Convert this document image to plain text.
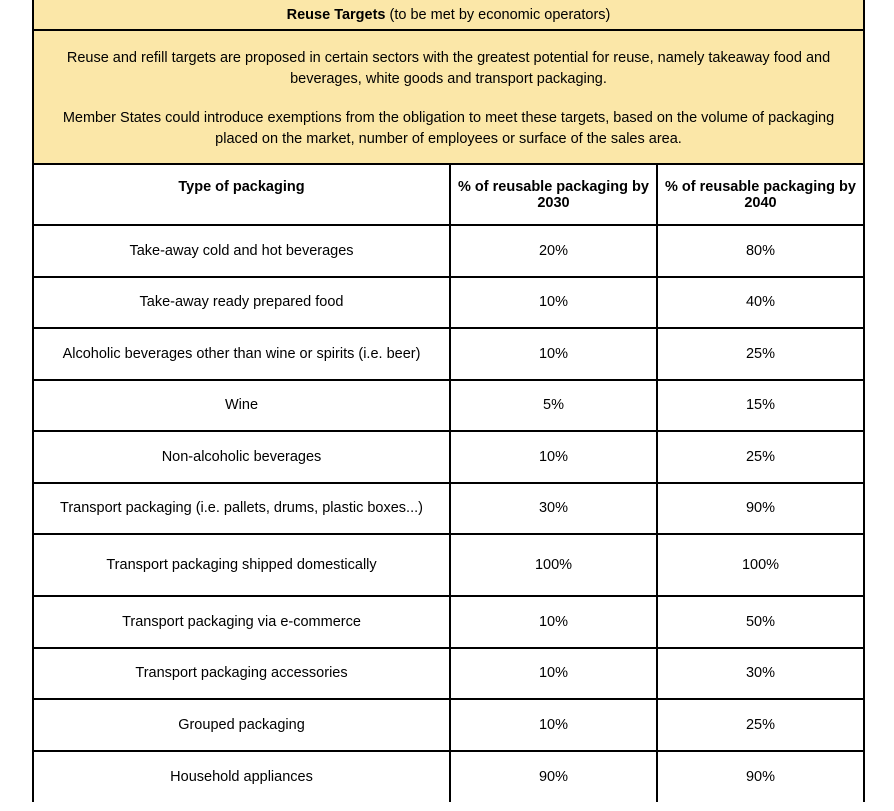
Reuse Targets (to be met by economic operators)

Reuse and refill targets are proposed in certain sectors with the greatest potential for reuse, namely takeaway food and beverages, white goods and transport packaging.

Member States could introduce exemptions from the obligation to meet these targets, based on the volume of packaging placed on the market, number of employees or surface of the sales area.

Type of packaging	% of reusable packaging by 2030	% of reusable packaging by 2040
Take-away cold and hot beverages	20%	80%
Take-away ready prepared food	10%	40%
Alcoholic beverages other than wine or spirits (i.e. beer)	10%	25%
Wine	5%	15%
Non-alcoholic beverages	10%	25%
Transport packaging (i.e. pallets, drums, plastic boxes...)	30%	90%
Transport packaging shipped domestically	100%	100%
Transport packaging via e-commerce	10%	50%
Transport packaging accessories	10%	30%
Grouped packaging	10%	25%
Household appliances	90%	90%
